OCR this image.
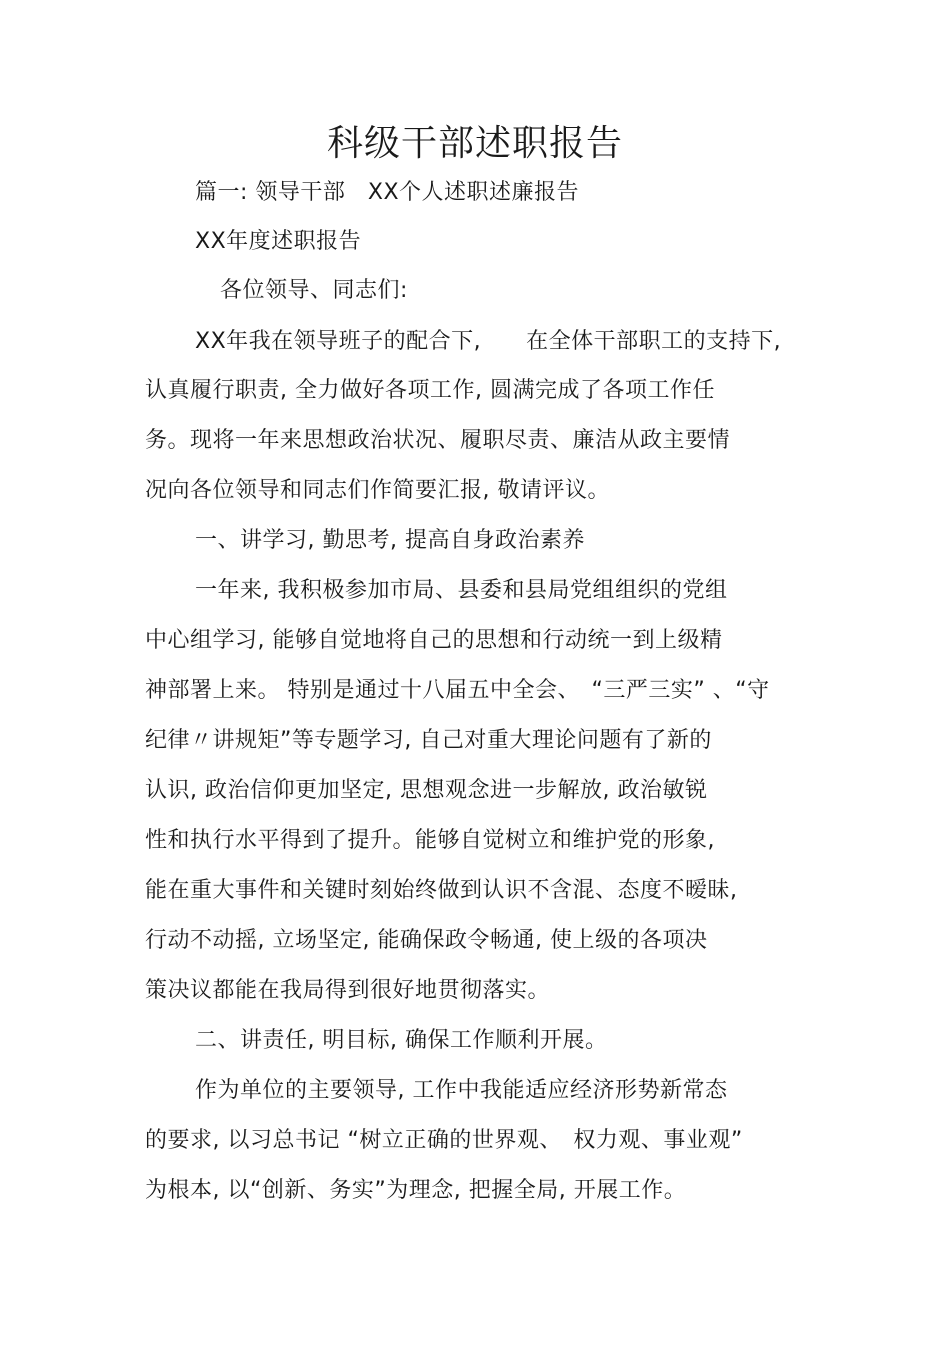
科级干部述职报告
篇一: 领导干部　XX个人述职述廉报告
XX年度述职报告
各位领导、同志们:
XX年我在领导班子的配合下,　　在全体干部职工的支持下,
认真履行职责, 全力做好各项工作, 圆满完成了各项工作任
务。现将一年来思想政治状况、履职尽责、廉洁从政主要情
况向各位领导和同志们作简要汇报, 敬请评议。
一、讲学习, 勤思考, 提高自身政治素养
一年来, 我积极参加市局、县委和县局党组组织的党组
中心组学习, 能够自觉地将自己的思想和行动统一到上级精
神部署上来。 特别是通过十八届五中全会、　“三严三实” 、“守
纪律〃讲规矩”等专题学习, 自己对重大理论问题有了新的
认识, 政治信仰更加坚定, 思想观念进一步解放, 政治敏锐
性和执行水平得到了提升。能够自觉树立和维护党的形象,
能在重大事件和关键时刻始终做到认识不含混、态度不暧昧,
行动不动摇, 立场坚定, 能确保政令畅通, 使上级的各项决
策决议都能在我局得到很好地贯彻落实。
二、讲责任, 明目标, 确保工作顺利开展。
作为单位的主要领导, 工作中我能适应经济形势新常态
的要求, 以习总书记 “树立正确的世界观、　权力观、事业观”
为根本, 以“创新、务实”为理念, 把握全局, 开展工作。
